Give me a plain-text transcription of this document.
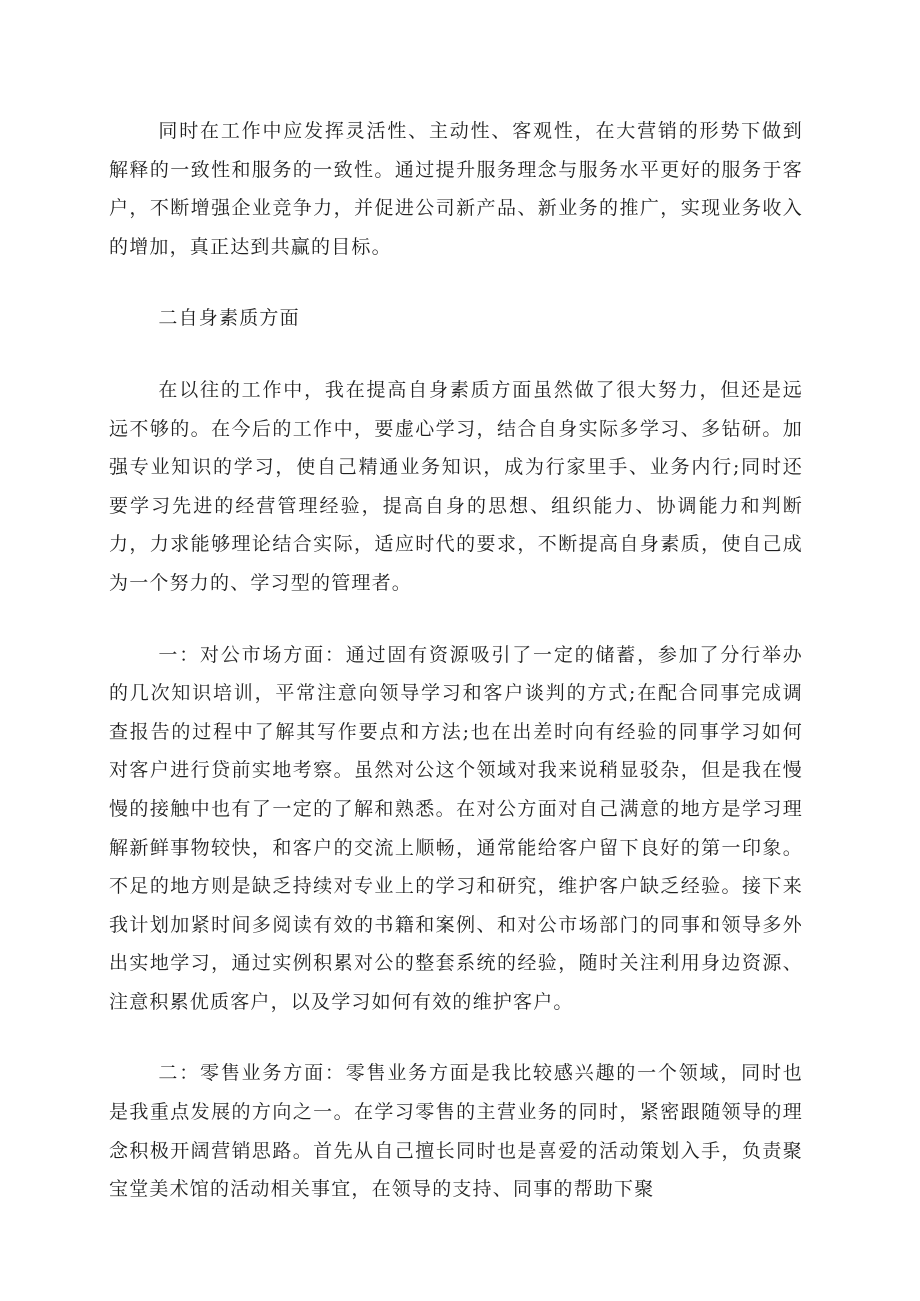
同时在工作中应发挥灵活性、主动性、客观性，在大营销的形势下做到解释的一致性和服务的一致性。通过提升服务理念与服务水平更好的服务于客户，不断增强企业竞争力，并促进公司新产品、新业务的推广，实现业务收入的增加，真正达到共赢的目标。

二自身素质方面

在以往的工作中，我在提高自身素质方面虽然做了很大努力，但还是远远不够的。在今后的工作中，要虚心学习，结合自身实际多学习、多钻研。加强专业知识的学习，使自己精通业务知识，成为行家里手、业务内行;同时还要学习先进的经营管理经验，提高自身的思想、组织能力、协调能力和判断力，力求能够理论结合实际，适应时代的要求，不断提高自身素质，使自己成为一个努力的、学习型的管理者。

一：对公市场方面：通过固有资源吸引了一定的储蓄，参加了分行举办的几次知识培训，平常注意向领导学习和客户谈判的方式;在配合同事完成调查报告的过程中了解其写作要点和方法;也在出差时向有经验的同事学习如何对客户进行贷前实地考察。虽然对公这个领域对我来说稍显驳杂，但是我在慢慢的接触中也有了一定的了解和熟悉。在对公方面对自己满意的地方是学习理解新鲜事物较快，和客户的交流上顺畅，通常能给客户留下良好的第一印象。不足的地方则是缺乏持续对专业上的学习和研究，维护客户缺乏经验。接下来我计划加紧时间多阅读有效的书籍和案例、和对公市场部门的同事和领导多外出实地学习，通过实例积累对公的整套系统的经验，随时关注利用身边资源、注意积累优质客户，以及学习如何有效的维护客户。

二：零售业务方面：零售业务方面是我比较感兴趣的一个领域，同时也是我重点发展的方向之一。在学习零售的主营业务的同时，紧密跟随领导的理念积极开阔营销思路。首先从自己擅长同时也是喜爱的活动策划入手，负责聚宝堂美术馆的活动相关事宜，在领导的支持、同事的帮助下聚
